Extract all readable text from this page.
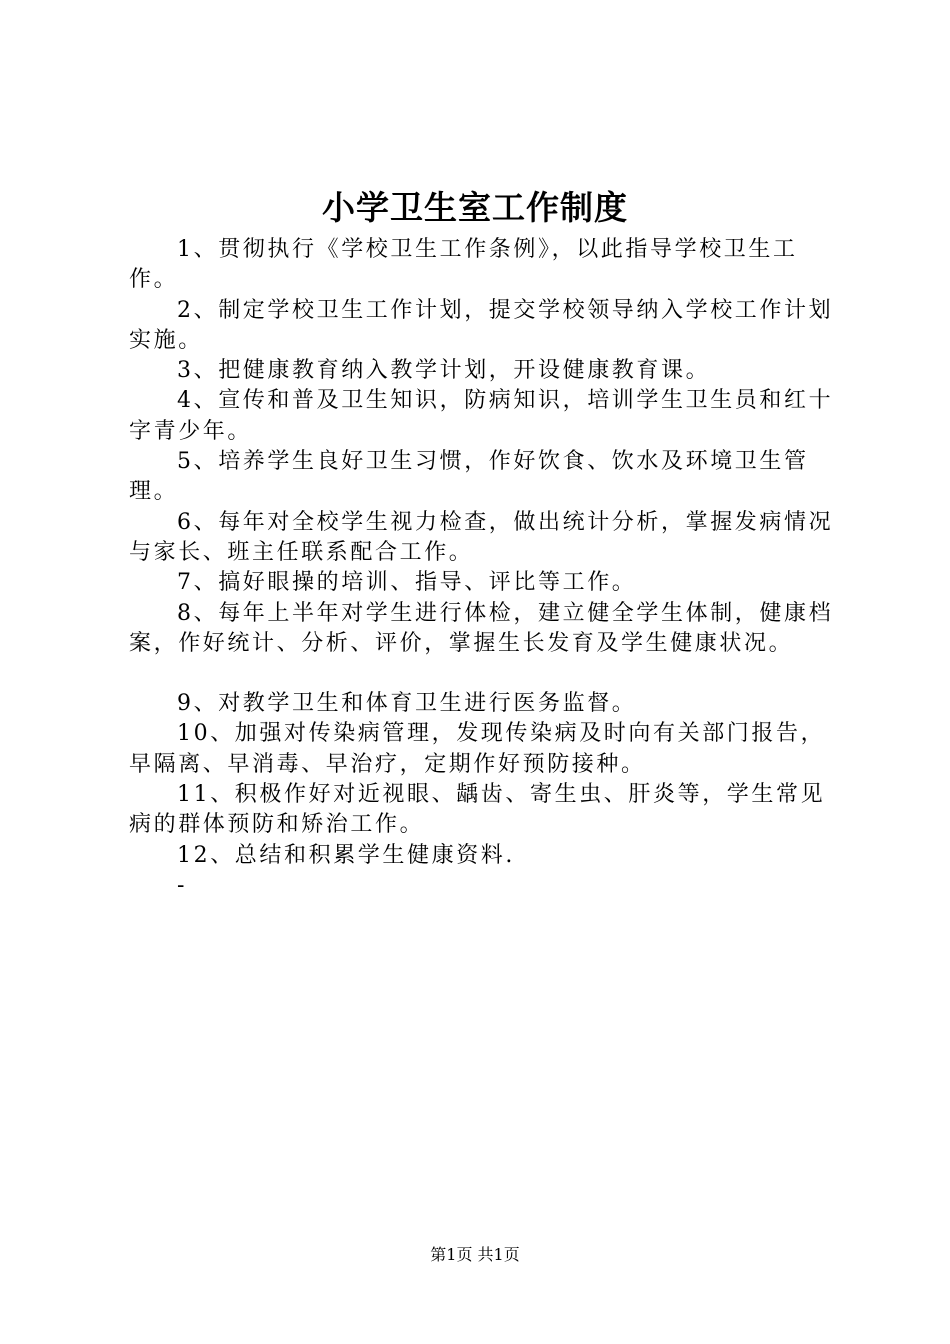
小学卫生室工作制度

1、贯彻执行《学校卫生工作条例》，以此指导学校卫生工作。

2、制定学校卫生工作计划，提交学校领导纳入学校工作计划实施。

3、把健康教育纳入教学计划，开设健康教育课。

4、宣传和普及卫生知识，防病知识，培训学生卫生员和红十字青少年。

5、培养学生良好卫生习惯，作好饮食、饮水及环境卫生管理。

6、每年对全校学生视力检查，做出统计分析，掌握发病情况与家长、班主任联系配合工作。

7、搞好眼操的培训、指导、评比等工作。

8、每年上半年对学生进行体检，建立健全学生体制，健康档案，作好统计、分析、评价，掌握生长发育及学生健康状况。

9、对教学卫生和体育卫生进行医务监督。

10、加强对传染病管理，发现传染病及时向有关部门报告，早隔离、早消毒、早治疗，定期作好预防接种。

11、积极作好对近视眼、龋齿、寄生虫、肝炎等，学生常见病的群体预防和矫治工作。

12、总结和积累学生健康资料.

-

第1页 共1页
